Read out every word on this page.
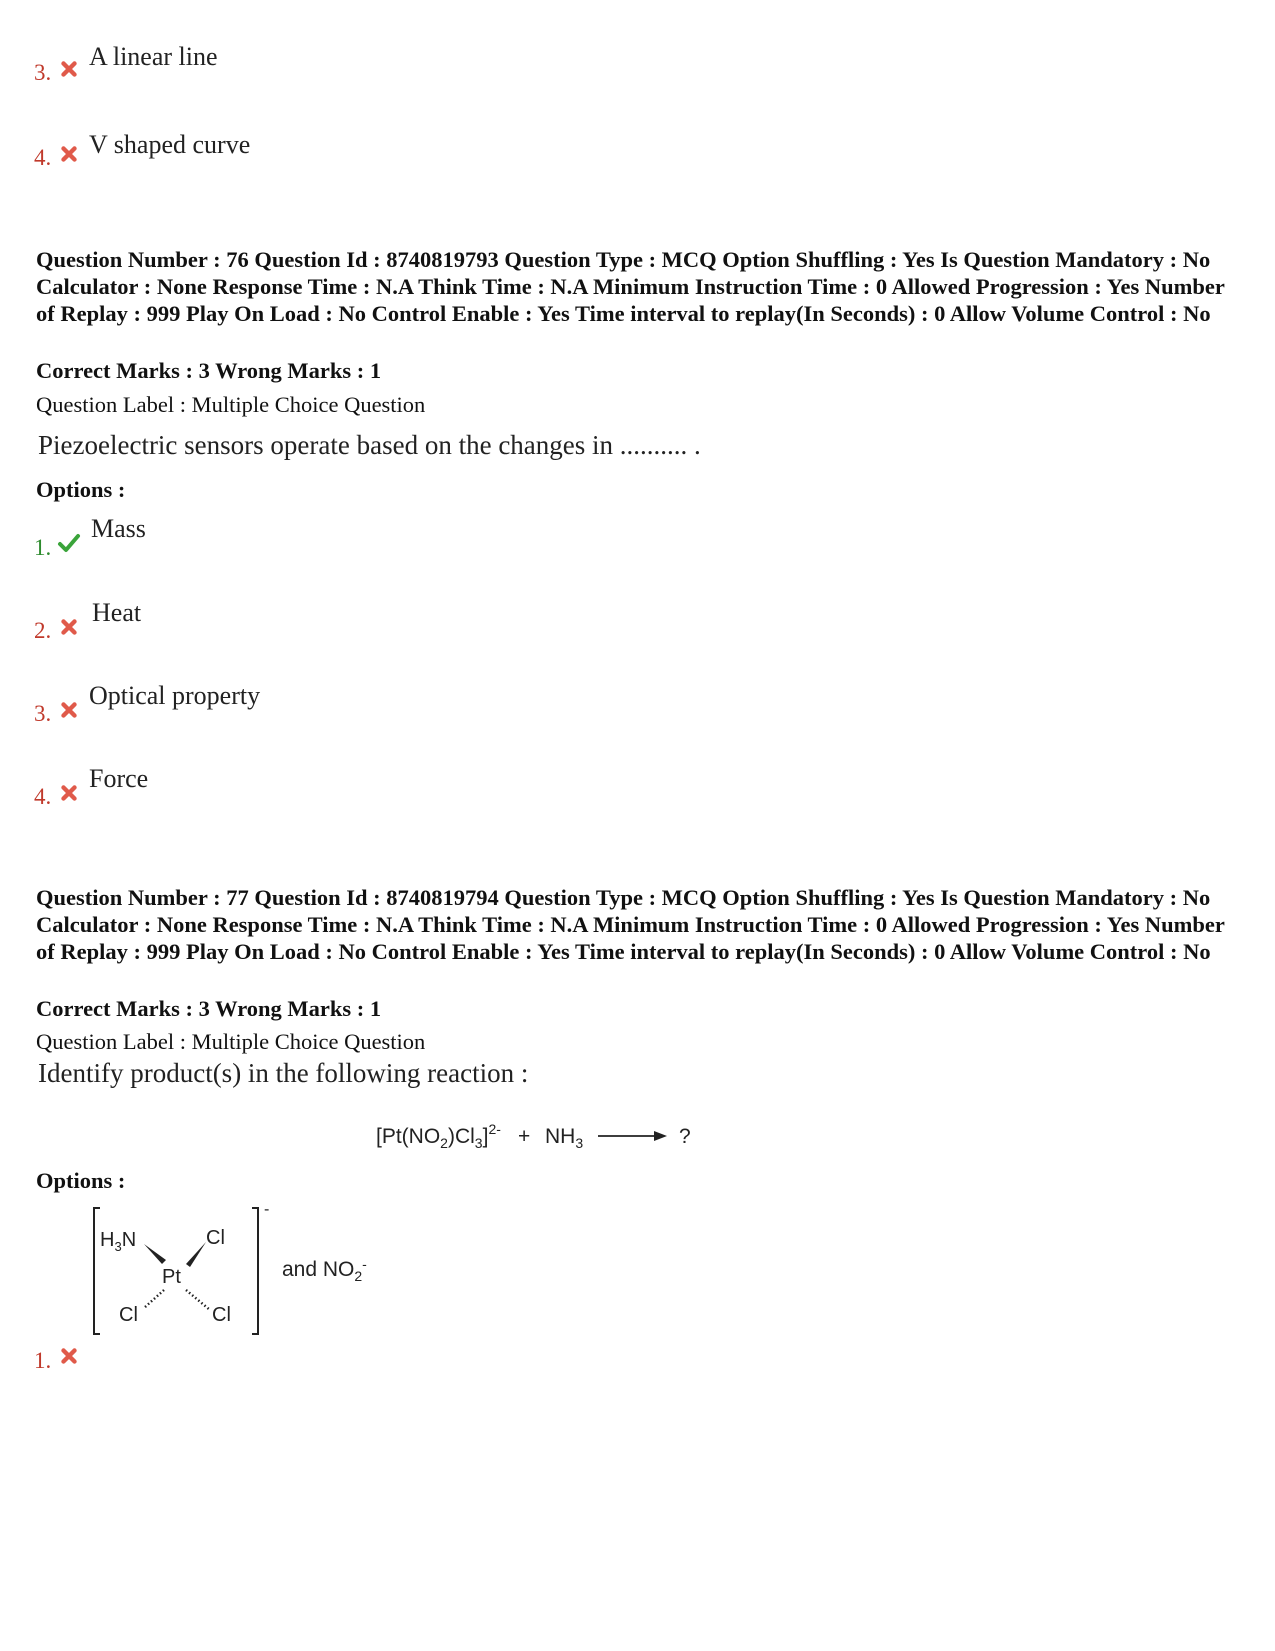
3.
A linear line
4. V shaped curve
Question Number : 76 Question Id : 8740819793 Question Type : MCQ Option Shuffling : Yes Is Question Mandatory : No Calculator : None Response Time : N.A Think Time : N.A Minimum Instruction Time : 0 Allowed Progression : Yes Number of Replay : 999 Play On Load : No Control Enable : Yes Time interval to replay(In Seconds) : 0 Allow Volume Control : No
Correct Marks : 3 Wrong Marks : 1
Question Label : Multiple Choice Question
Piezoelectric sensors operate based on the changes in .......... .
Options :
1.
Mass
2.
Heat
3.
Optical property
4.
Force
Question Number : 77 Question Id : 8740819794 Question Type : MCQ Option Shuffling : Yes Is Question Mandatory : No Calculator : None Response Time : N.A Think Time : N.A Minimum Instruction Time : 0 Allowed Progression : Yes Number of Replay : 999 Play On Load : No Control Enable : Yes Time interval to replay(In Seconds) : 0 Allow Volume Control : No
Correct Marks : 3 Wrong Marks : 1
Question Label : Multiple Choice Question
Identify product(s) in the following reaction :
$[Pt(NO_2)Cl_3]^{2-} + NH_3$	?
Options :
-
$H_3N$	Cl
Pt
Cl	Cl
and $NO_2^-$
1.
